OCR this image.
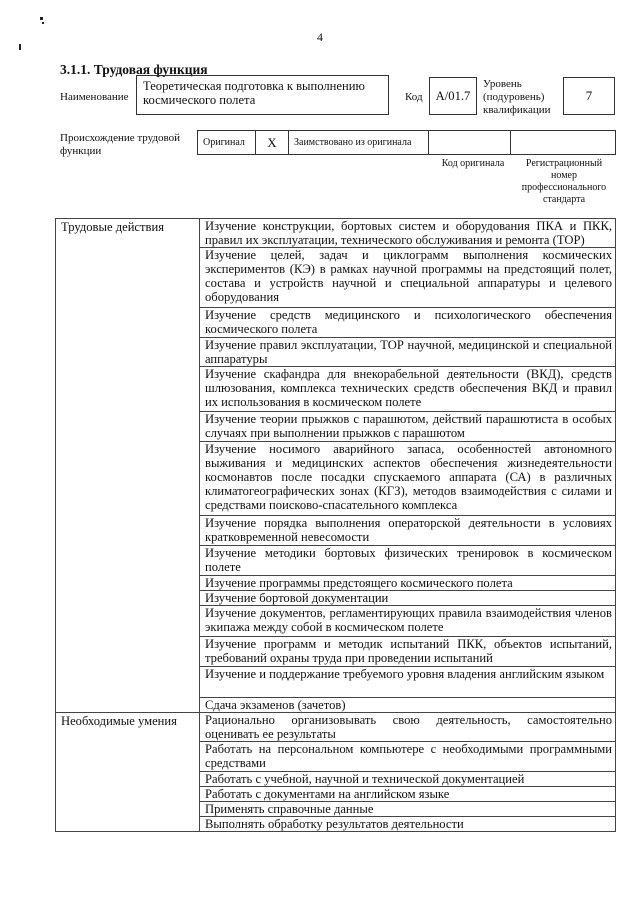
4
3.1.1. Трудовая функция
Наименование
Теоретическая подготовка к выполнению космического полета	Код	А/01.7
Уровень (подуровень) квалификации
7
Происхождение трудовой функции
Оригинал	X	Заимствовано из оригинала		
Код оригинала	Регистрационный номер профессионального стандарта
Трудовые действия	Изучение конструкции, бортовых систем и оборудования ПКА и ПКК, правил их эксплуатации, технического обслуживания и ремонта (ТОР)
	Изучение целей, задач и циклограмм выполнения космических экспериментов (КЭ) в рамках научной программы на предстоящий полет, состава и устройств научной и специальной аппаратуры и целевого оборудования
	Изучение средств медицинского и психологического обеспечения космического полета
	Изучение правил эксплуатации, ТОР научной, медицинской и специальной аппаратуры
	Изучение скафандра для внекорабельной деятельности (ВКД), средств шлюзования, комплекса технических средств обеспечения ВКД и правил их использования в космическом полете
	Изучение теории прыжков с парашютом, действий парашютиста в особых случаях при выполнении прыжков с парашютом
	Изучение носимого аварийного запаса, особенностей автономного выживания и медицинских аспектов обеспечения жизнедеятельности космонавтов после посадки спускаемого аппарата (СА) в различных климатогеографических зонах (КГЗ), методов взаимодействия с силами и средствами поисково-спасательного комплекса
	Изучение порядка выполнения операторской деятельности в условиях кратковременной невесомости
	Изучение методики бортовых физических тренировок в космическом полете
	Изучение программы предстоящего космического полета
	Изучение бортовой документации
	Изучение документов, регламентирующих правила взаимодействия членов экипажа между собой в космическом полете
	Изучение программ и методик испытаний ПКК, объектов испытаний, требований охраны труда при проведении испытаний
	Изучение и поддержание требуемого уровня владения английским языком
	Сдача экзаменов (зачетов)
Необходимые умения	Рационально организовывать свою деятельность, самостоятельно оценивать ее результаты
	Работать на персональном компьютере с необходимыми программными средствами
	Работать с учебной, научной и технической документацией
	Работать с документами на английском языке
	Применять справочные данные
	Выполнять обработку результатов деятельности
